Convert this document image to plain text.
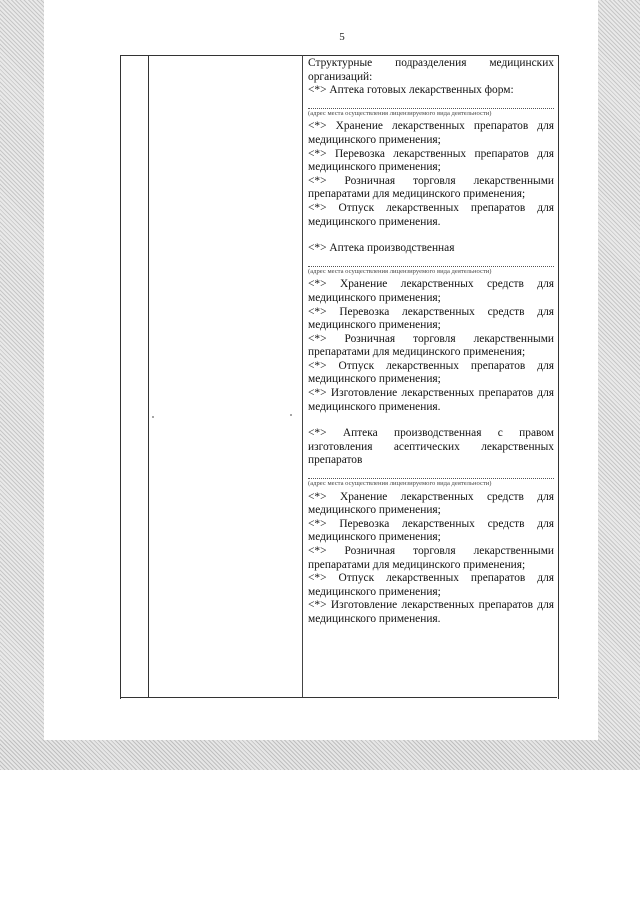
5

Структурные подразделения медицинских организаций:

<*> Аптека готовых лекарственных форм:

(адрес места осуществления лицензируемого вида деятельности)

<*> Хранение лекарственных препаратов для медицинского применения;

<*> Перевозка лекарственных препаратов для медицинского применения;

<*> Розничная торговля лекарственными препаратами для медицинского применения;

<*> Отпуск лекарственных препаратов для медицинского применения.

<*> Аптека производственная

(адрес места осуществления лицензируемого вида деятельности)

<*> Хранение лекарственных средств для медицинского применения;

<*> Перевозка лекарственных средств для медицинского применения;

<*> Розничная торговля лекарственными препаратами для медицинского применения;

<*> Отпуск лекарственных препаратов для медицинского применения;

<*> Изготовление лекарственных препаратов для медицинского применения.

<*> Аптека производственная с правом изготовления асептических лекарственных препаратов

(адрес места осуществления лицензируемого вида деятельности)

<*> Хранение лекарственных средств для медицинского применения;

<*> Перевозка лекарственных средств для медицинского применения;

<*> Розничная торговля лекарственными препаратами для медицинского применения;

<*> Отпуск лекарственных препаратов для медицинского применения;

<*> Изготовление лекарственных препаратов для медицинского применения.
